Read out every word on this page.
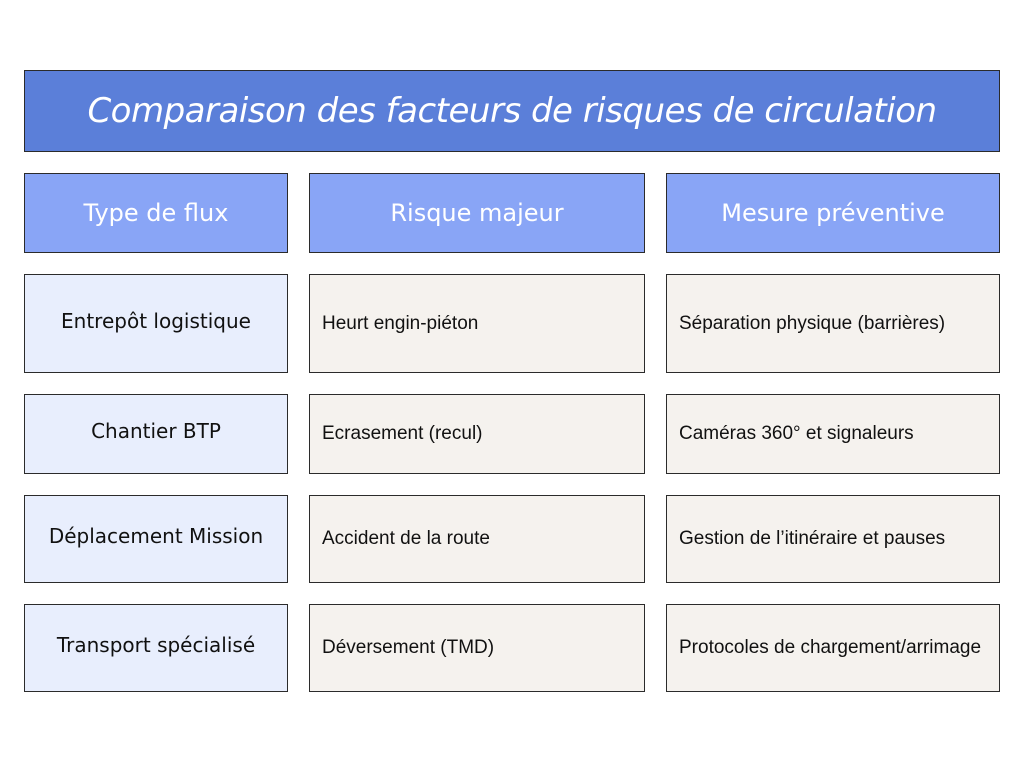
Comparaison des facteurs de risques de circulation
Type de flux	Risque majeur	Mesure préventive
Entrepôt logistique	Heurt engin-piéton	Séparation physique (barrières)
Chantier BTP	Ecrasement (recul)	Caméras 360° et signaleurs
Déplacement Mission	Accident de la route	Gestion de l’itinéraire et pauses
Transport spécialisé	Déversement (TMD)	Protocoles de chargement/arrimage
